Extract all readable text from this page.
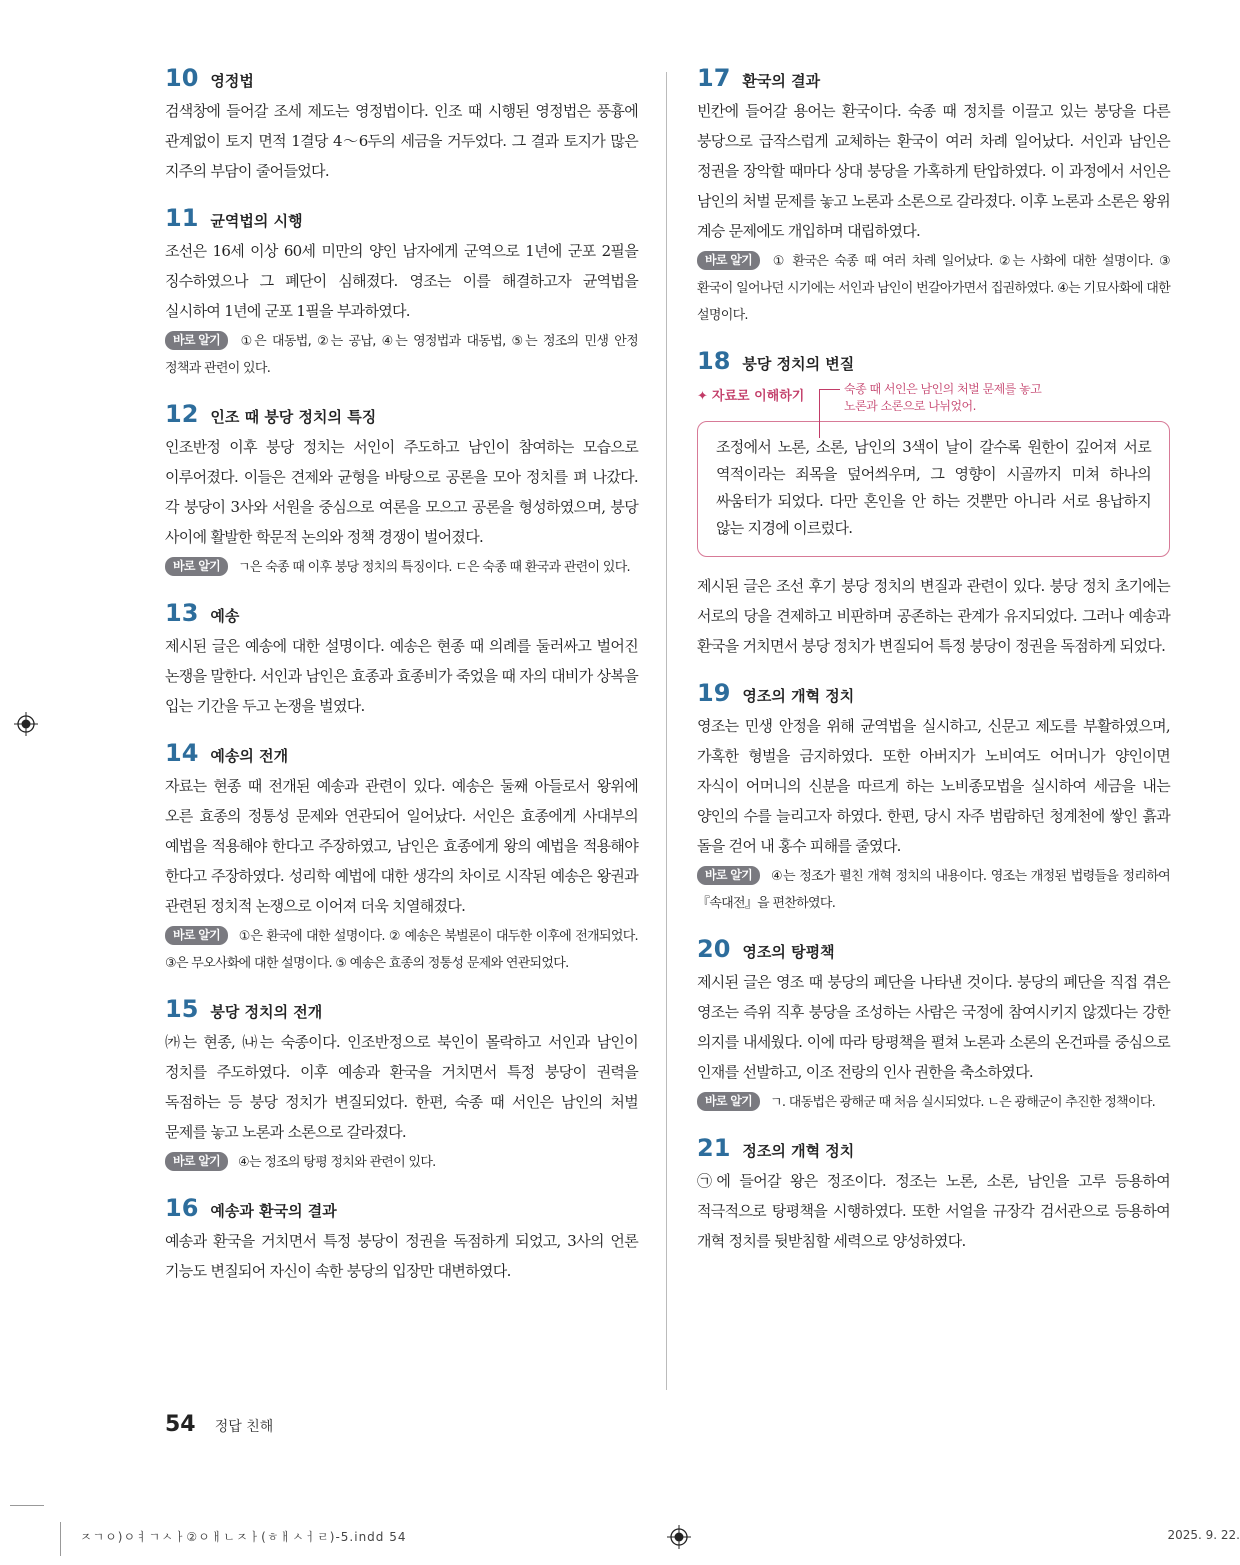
10 영정법
검색창에 들어갈 조세 제도는 영정법이다. 인조 때 시행된 영정법은 풍흉에 관계없이 토지 면적 1결당 4～6두의 세금을 거두었다. 그 결과 토지가 많은 지주의 부담이 줄어들었다.
11 균역법의 시행
조선은 16세 이상 60세 미만의 양인 남자에게 군역으로 1년에 군포 2필을 징수하였으나 그 폐단이 심해졌다. 영조는 이를 해결하고자 균역법을 실시하여 1년에 군포 1필을 부과하였다.
바로 알기 ①은 대동법, ②는 공납, ④는 영정법과 대동법, ⑤는 정조의 민생 안정 정책과 관련이 있다.
12 인조 때 붕당 정치의 특징
인조반정 이후 붕당 정치는 서인이 주도하고 남인이 참여하는 모습으로 이루어졌다. 이들은 견제와 균형을 바탕으로 공론을 모아 정치를 펴 나갔다. 각 붕당이 3사와 서원을 중심으로 여론을 모으고 공론을 형성하였으며, 붕당 사이에 활발한 학문적 논의와 정책 경쟁이 벌어졌다.
바로 알기 ㄱ은 숙종 때 이후 붕당 정치의 특징이다. ㄷ은 숙종 때 환국과 관련이 있다.
13 예송
제시된 글은 예송에 대한 설명이다. 예송은 현종 때 의례를 둘러싸고 벌어진 논쟁을 말한다. 서인과 남인은 효종과 효종비가 죽었을 때 자의 대비가 상복을 입는 기간을 두고 논쟁을 벌였다.
14 예송의 전개
자료는 현종 때 전개된 예송과 관련이 있다. 예송은 둘째 아들로서 왕위에 오른 효종의 정통성 문제와 연관되어 일어났다. 서인은 효종에게 사대부의 예법을 적용해야 한다고 주장하였고, 남인은 효종에게 왕의 예법을 적용해야 한다고 주장하였다. 성리학 예법에 대한 생각의 차이로 시작된 예송은 왕권과 관련된 정치적 논쟁으로 이어져 더욱 치열해졌다.
바로 알기 ①은 환국에 대한 설명이다. ② 예송은 북벌론이 대두한 이후에 전개되었다. ③은 무오사화에 대한 설명이다. ⑤ 예송은 효종의 정통성 문제와 연관되었다.
15 붕당 정치의 전개
㈎는 현종, ㈏는 숙종이다. 인조반정으로 북인이 몰락하고 서인과 남인이 정치를 주도하였다. 이후 예송과 환국을 거치면서 특정 붕당이 권력을 독점하는 등 붕당 정치가 변질되었다. 한편, 숙종 때 서인은 남인의 처벌 문제를 놓고 노론과 소론으로 갈라졌다.
바로 알기 ④는 정조의 탕평 정치와 관련이 있다.
16 예송과 환국의 결과
예송과 환국을 거치면서 특정 붕당이 정권을 독점하게 되었고, 3사의 언론 기능도 변질되어 자신이 속한 붕당의 입장만 대변하였다.
17 환국의 결과
빈칸에 들어갈 용어는 환국이다. 숙종 때 정치를 이끌고 있는 붕당을 다른 붕당으로 급작스럽게 교체하는 환국이 여러 차례 일어났다. 서인과 남인은 정권을 장악할 때마다 상대 붕당을 가혹하게 탄압하였다. 이 과정에서 서인은 남인의 처벌 문제를 놓고 노론과 소론으로 갈라졌다. 이후 노론과 소론은 왕위 계승 문제에도 개입하며 대립하였다.
바로 알기 ① 환국은 숙종 때 여러 차례 일어났다. ②는 사화에 대한 설명이다. ③ 환국이 일어나던 시기에는 서인과 남인이 번갈아가면서 집권하였다. ④는 기묘사화에 대한 설명이다.
18 붕당 정치의 변질
✦ 자료로 이해하기	숙종 때 서인은 남인의 처벌 문제를 놓고
노론과 소론으로 나뉘었어.
조정에서 노론, 소론, 남인의 3색이 날이 갈수록 원한이 깊어져 서로 역적이라는 죄목을 덮어씌우며, 그 영향이 시골까지 미쳐 하나의 싸움터가 되었다. 다만 혼인을 안 하는 것뿐만 아니라 서로 용납하지 않는 지경에 이르렀다.
제시된 글은 조선 후기 붕당 정치의 변질과 관련이 있다. 붕당 정치 초기에는 서로의 당을 견제하고 비판하며 공존하는 관계가 유지되었다. 그러나 예송과 환국을 거치면서 붕당 정치가 변질되어 특정 붕당이 정권을 독점하게 되었다.
19 영조의 개혁 정치
영조는 민생 안정을 위해 균역법을 실시하고, 신문고 제도를 부활하였으며, 가혹한 형벌을 금지하였다. 또한 아버지가 노비여도 어머니가 양인이면 자식이 어머니의 신분을 따르게 하는 노비종모법을 실시하여 세금을 내는 양인의 수를 늘리고자 하였다. 한편, 당시 자주 범람하던 청계천에 쌓인 흙과 돌을 걷어 내 홍수 피해를 줄였다.
바로 알기 ④는 정조가 펼친 개혁 정치의 내용이다. 영조는 개정된 법령들을 정리하여 『속대전』을 편찬하였다.
20 영조의 탕평책
제시된 글은 영조 때 붕당의 폐단을 나타낸 것이다. 붕당의 폐단을 직접 겪은 영조는 즉위 직후 붕당을 조성하는 사람은 국정에 참여시키지 않겠다는 강한 의지를 내세웠다. 이에 따라 탕평책을 펼쳐 노론과 소론의 온건파를 중심으로 인재를 선발하고, 이조 전랑의 인사 권한을 축소하였다.
바로 알기 ㄱ. 대동법은 광해군 때 처음 실시되었다. ㄴ은 광해군이 추진한 정책이다.
21 정조의 개혁 정치
㉠에 들어갈 왕은 정조이다. 정조는 노론, 소론, 남인을 고루 등용하여 적극적으로 탕평책을 시행하였다. 또한 서얼을 규장각 검서관으로 등용하여 개혁 정치를 뒷받침할 세력으로 양성하였다.
54 정답 친해
ㅈㄱㅇ)ㅇㅕㄱㅅㅏ②ㅇㅐㄴㅈㅏ(ㅎㅐㅅㅓㄹ)-5.indd 54	2025. 9. 22.
